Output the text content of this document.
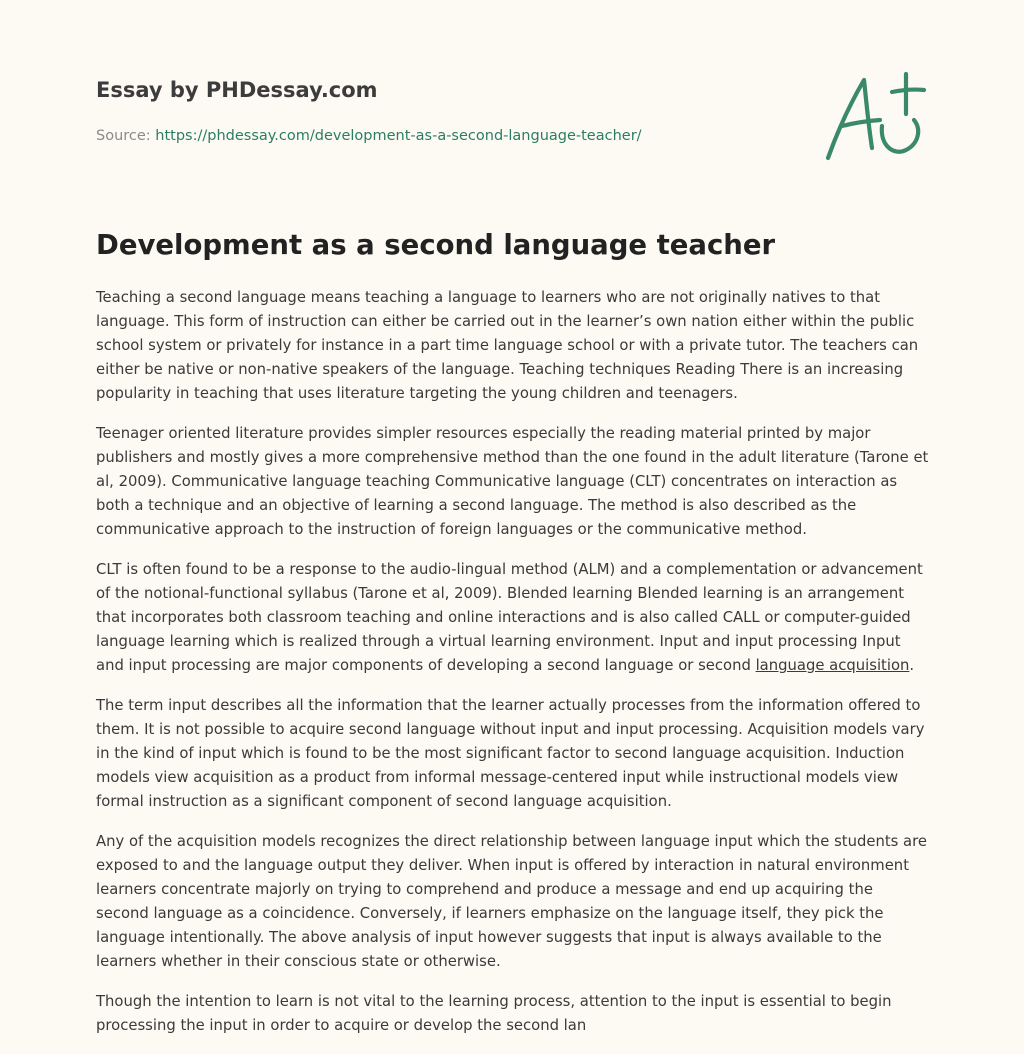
Essay by PHDessay.com
Source: https://phdessay.com/development-as-a-second-language-teacher/
Development as a second language teacher

Teaching a second language means teaching a language to learners who are not originally natives to that language. This form of instruction can either be carried out in the learner’s own nation either within the public school system or privately for instance in a part time language school or with a private tutor. The teachers can either be native or non-native speakers of the language. Teaching techniques Reading There is an increasing popularity in teaching that uses literature targeting the young children and teenagers.

Teenager oriented literature provides simpler resources especially the reading material printed by major publishers and mostly gives a more comprehensive method than the one found in the adult literature (Tarone et al, 2009). Communicative language teaching Communicative language (CLT) concentrates on interaction as both a technique and an objective of learning a second language. The method is also described as the communicative approach to the instruction of foreign languages or the communicative method.

CLT is often found to be a response to the audio-lingual method (ALM) and a complementation or advancement of the notional-functional syllabus (Tarone et al, 2009). Blended learning Blended learning is an arrangement that incorporates both classroom teaching and online interactions and is also called CALL or computer-guided language learning which is realized through a virtual learning environment. Input and input processing Input and input processing are major components of developing a second language or second language acquisition.

The term input describes all the information that the learner actually processes from the information offered to them. It is not possible to acquire second language without input and input processing. Acquisition models vary in the kind of input which is found to be the most significant factor to second language acquisition. Induction models view acquisition as a product from informal message-centered input while instructional models view formal instruction as a significant component of second language acquisition.

Any of the acquisition models recognizes the direct relationship between language input which the students are exposed to and the language output they deliver. When input is offered by interaction in natural environment learners concentrate majorly on trying to comprehend and produce a message and end up acquiring the second language as a coincidence. Conversely, if learners emphasize on the language itself, they pick the language intentionally. The above analysis of input however suggests that input is always available to the learners whether in their conscious state or otherwise.

Though the intention to learn is not vital to the learning process, attention to the input is essential to begin processing the input in order to acquire or develop the second lan
